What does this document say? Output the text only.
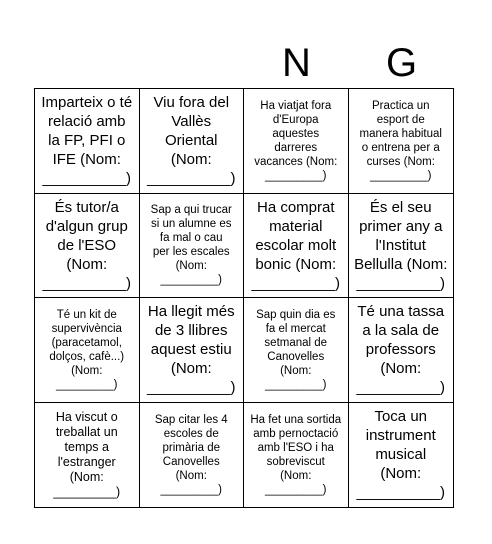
N	G
Imparteix o té
relació amb
la FP, PFI o
IFE (Nom:
__________)
Viu fora del
Vallès
Oriental
(Nom:
__________)
Ha viatjat fora
d'Europa
aquestes
darreres
vacances (Nom:
_________)
Practica un
esport de
manera habitual
o entrena per a
curses (Nom:
_________)
És tutor/a
d'algun grup
de l'ESO
(Nom:
__________)
Sap a qui trucar
si un alumne es
fa mal o cau
per les escales
(Nom:
_________)
Ha comprat
material
escolar molt
bonic (Nom:
__________)
És el seu
primer any a
l'Institut
Bellulla (Nom:
__________)
Té un kit de
supervivència
(paracetamol,
dolços, cafè...)
(Nom:
_________)
Ha llegit més
de 3 llibres
aquest estiu
(Nom:
__________)
Sap quin dia es
fa el mercat
setmanal de
Canovelles
(Nom:
_________)
Té una tassa
a la sala de
professors
(Nom:
__________)
Ha viscut o
treballat un
temps a
l'estranger
(Nom:
_________)
Sap citar les 4
escoles de
primària de
Canovelles
(Nom:
_________)
Ha fet una sortida
amb pernoctació
amb l'ESO i ha
sobreviscut
(Nom:
_________)
Toca un
instrument
musical
(Nom:
__________)
